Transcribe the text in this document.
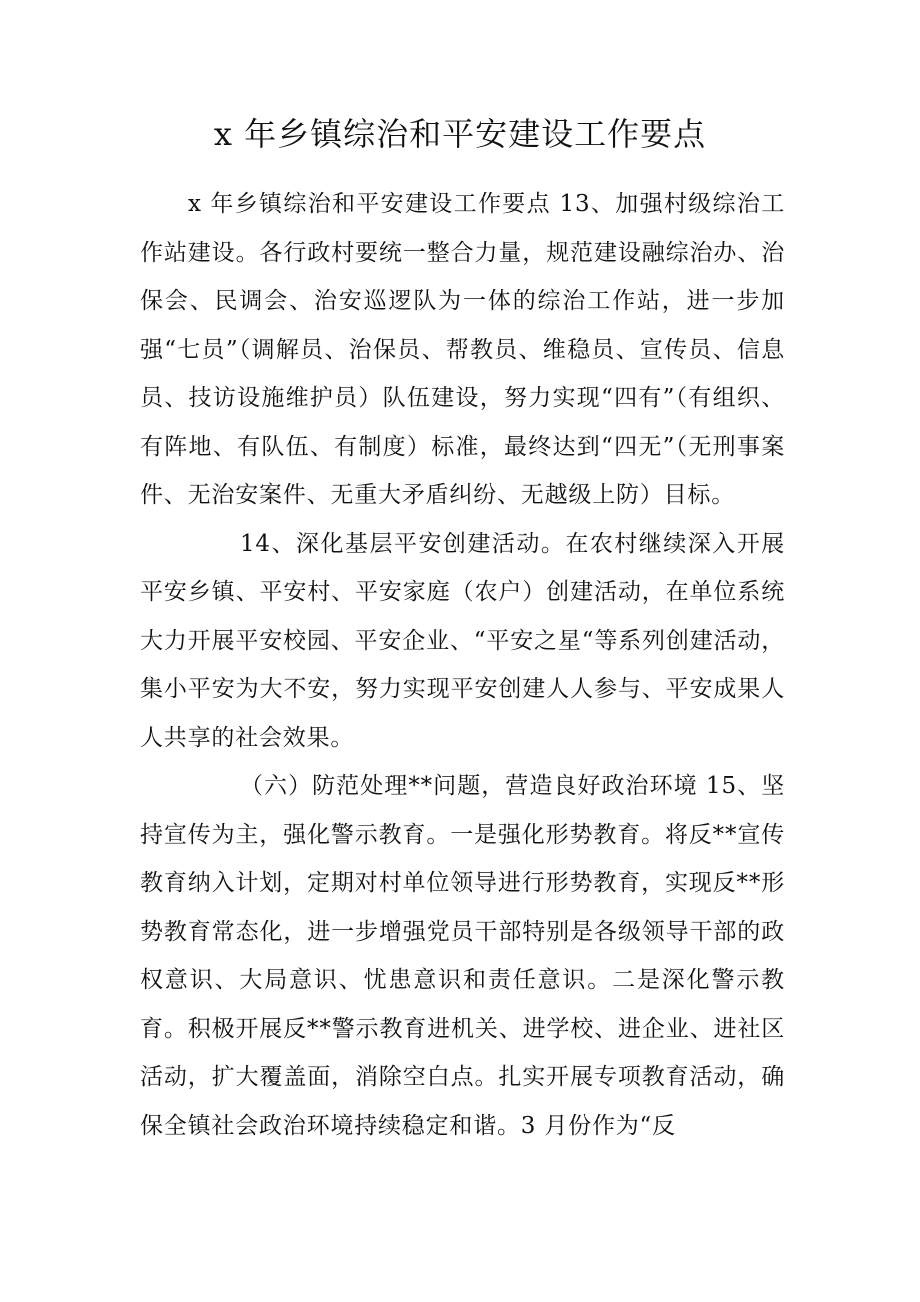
x 年乡镇综治和平安建设工作要点

x 年乡镇综治和平安建设工作要点 13、加强村级综治工作站建设。各行政村要统一整合力量，规范建设融综治办、治保会、民调会、治安巡逻队为一体的综治工作站，进一步加强“七员”（调解员、治保员、帮教员、维稳员、宣传员、信息员、技访设施维护员）队伍建设，努力实现“四有”（有组织、有阵地、有队伍、有制度）标准，最终达到“四无”（无刑事案件、无治安案件、无重大矛盾纠纷、无越级上防）目标。

14、深化基层平安创建活动。在农村继续深入开展平安乡镇、平安村、平安家庭（农户）创建活动，在单位系统大力开展平安校园、平安企业、“平安之星“等系列创建活动，集小平安为大不安，努力实现平安创建人人参与、平安成果人人共享的社会效果。

（六）防范处理**问题，营造良好政治环境 15、坚持宣传为主，强化警示教育。一是强化形势教育。将反**宣传教育纳入计划，定期对村单位领导进行形势教育，实现反**形势教育常态化，进一步增强党员干部特别是各级领导干部的政权意识、大局意识、忧患意识和责任意识。二是深化警示教育。积极开展反**警示教育进机关、进学校、进企业、进社区活动，扩大覆盖面，消除空白点。扎实开展专项教育活动，确保全镇社会政治环境持续稳定和谐。3 月份作为“反
